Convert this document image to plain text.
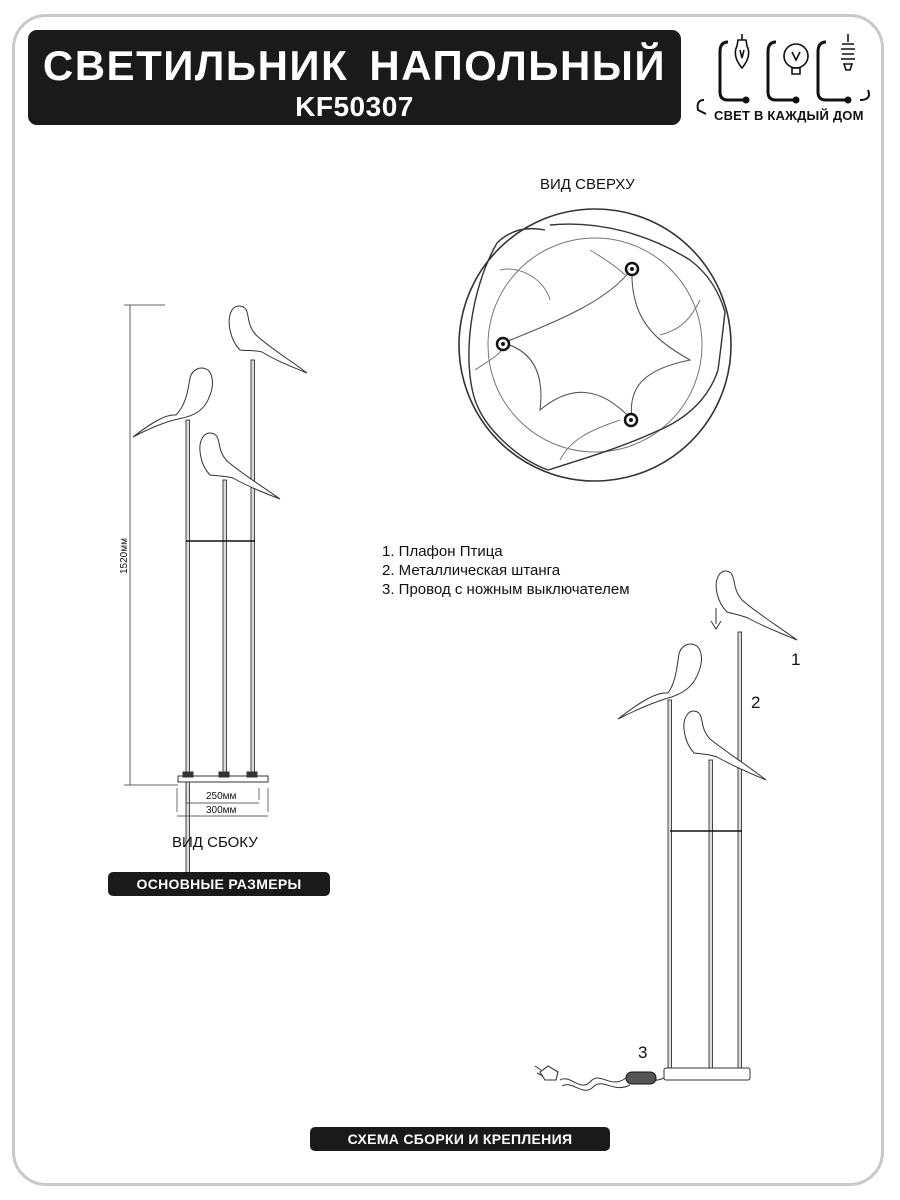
СВЕТИЛЬНИК НАПОЛЬНЫЙ
KF50307	СВЕТ В КАЖДЫЙ ДОМ
ВИД СВЕРХУ
1520мм
250мм
300мм
ВИД СБОКУ
ОСНОВНЫЕ РАЗМЕРЫ
1. Плафон Птица
2. Металлическая штанга
3. Провод с ножным выключателем
1
2
3
СХЕМА СБОРКИ И КРЕПЛЕНИЯ
